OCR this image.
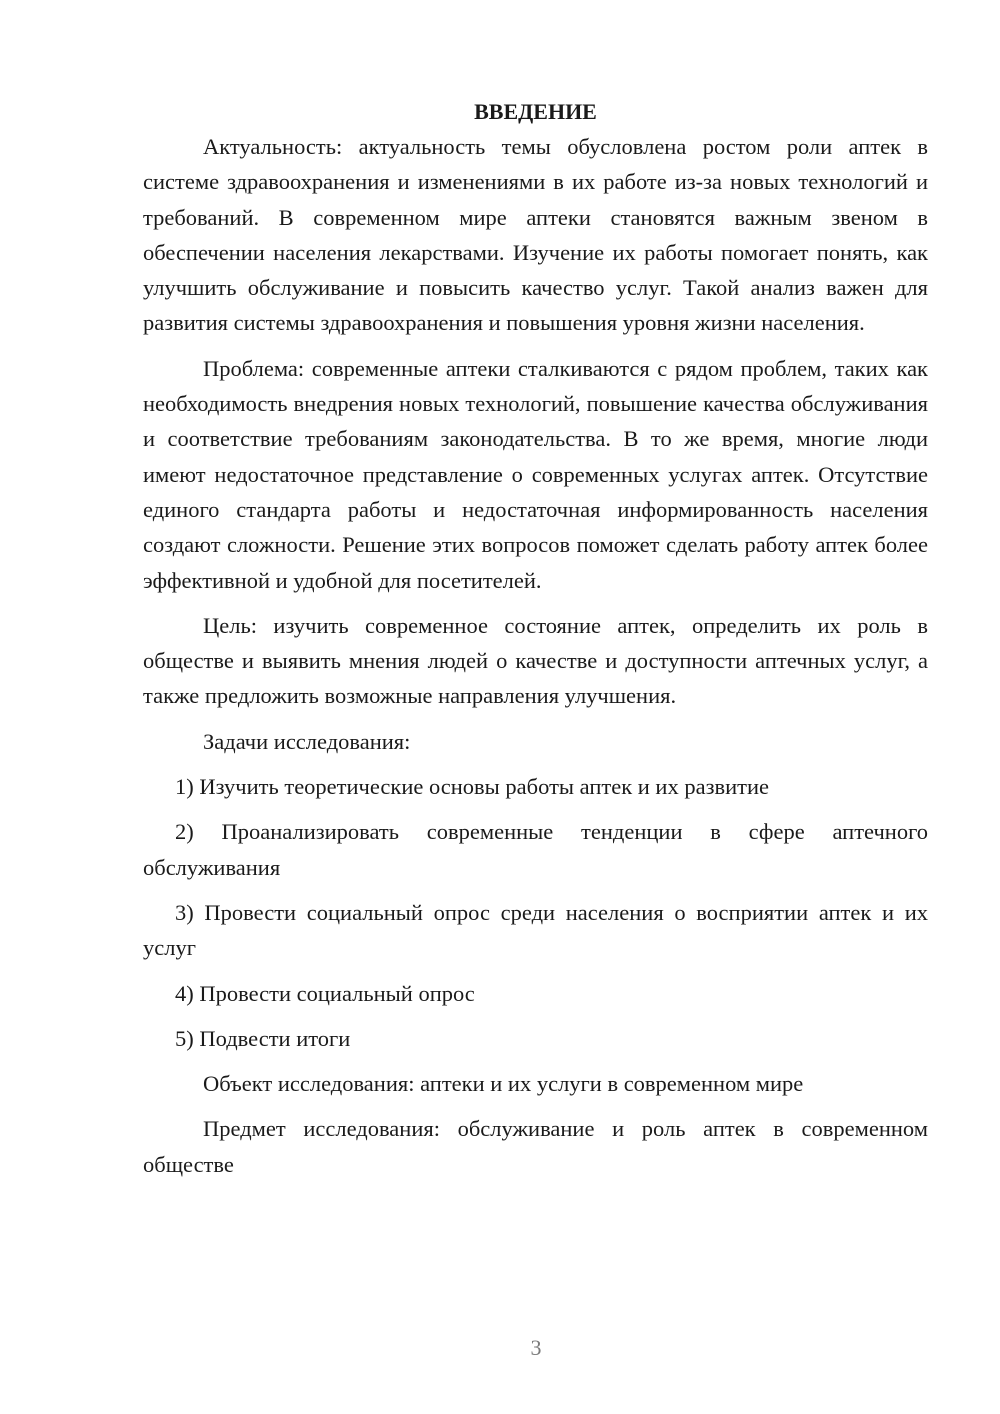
ВВЕДЕНИЕ

Актуальность: актуальность темы обусловлена ростом роли аптек в системе здравоохранения и изменениями в их работе из-за новых технологий и требований. В современном мире аптеки становятся важным звеном в обеспечении населения лекарствами. Изучение их работы помогает понять, как улучшить обслуживание и повысить качество услуг. Такой анализ важен для развития системы здравоохранения и повышения уровня жизни населения.

Проблема: современные аптеки сталкиваются с рядом проблем, таких как необходимость внедрения новых технологий, повышение качества обслуживания и соответствие требованиям законодательства. В то же время, многие люди имеют недостаточное представление о современных услугах аптек. Отсутствие единого стандарта работы и недостаточная информированность населения создают сложности. Решение этих вопросов поможет сделать работу аптек более эффективной и удобной для посетителей.

Цель: изучить современное состояние аптек, определить их роль в обществе и выявить мнения людей о качестве и доступности аптечных услуг, а также предложить возможные направления улучшения.

Задачи исследования:

1) Изучить теоретические основы работы аптек и их развитие

2) Проанализировать современные тенденции в сфере аптечного обслуживания

3) Провести социальный опрос среди населения о восприятии аптек и их услуг

4) Провести социальный опрос

5) Подвести итоги

Объект исследования: аптеки и их услуги в современном мире

Предмет исследования: обслуживание и роль аптек в современном обществе

3
